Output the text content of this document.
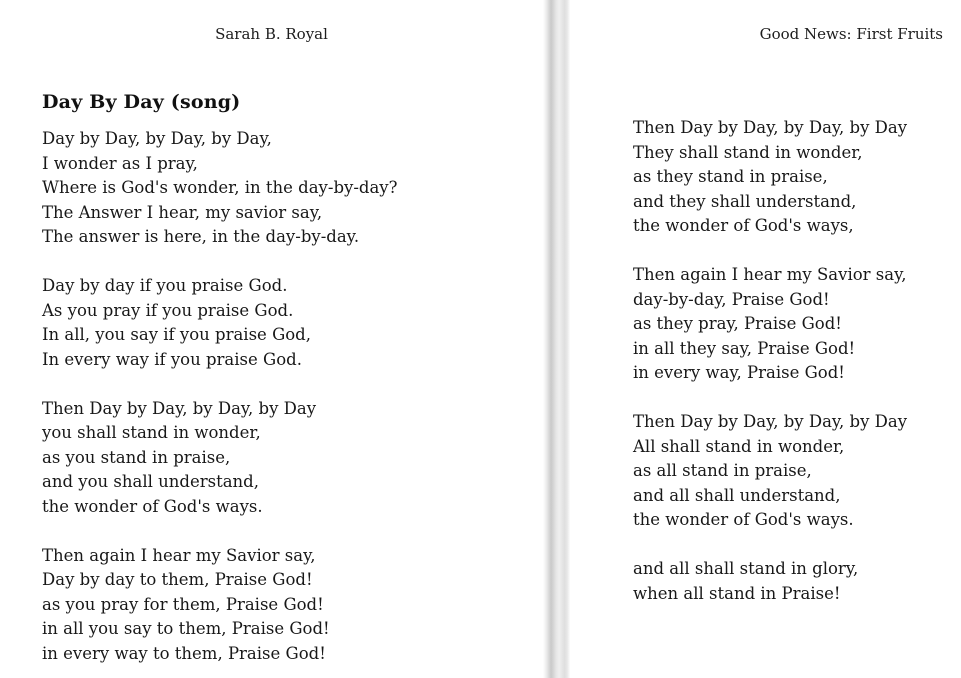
Sarah B. Royal
Day By Day (song)
Day by Day, by Day, by Day,
I wonder as I pray,
Where is God's wonder, in the day-by-day?
The Answer I hear, my savior say,
The answer is here, in the day-by-day.
Day by day if you praise God.
As you pray if you praise God.
In all, you say if you praise God,
In every way if you praise God.
Then Day by Day, by Day, by Day
you shall stand in wonder,
as you stand in praise,
and you shall understand,
the wonder of God's ways.
Then again I hear my Savior say,
Day by day to them, Praise God!
as you pray for them, Praise God!
in all you say to them, Praise God!
in every way to them, Praise God!
Good News: First Fruits
Then Day by Day, by Day, by Day
They shall stand in wonder,
as they stand in praise,
and they shall understand,
the wonder of God's ways,
Then again I hear my Savior say,
day-by-day, Praise God!
as they pray, Praise God!
in all they say, Praise God!
in every way, Praise God!
Then Day by Day, by Day, by Day
All shall stand in wonder,
as all stand in praise,
and all shall understand,
the wonder of God's ways.
and all shall stand in glory,
when all stand in Praise!
